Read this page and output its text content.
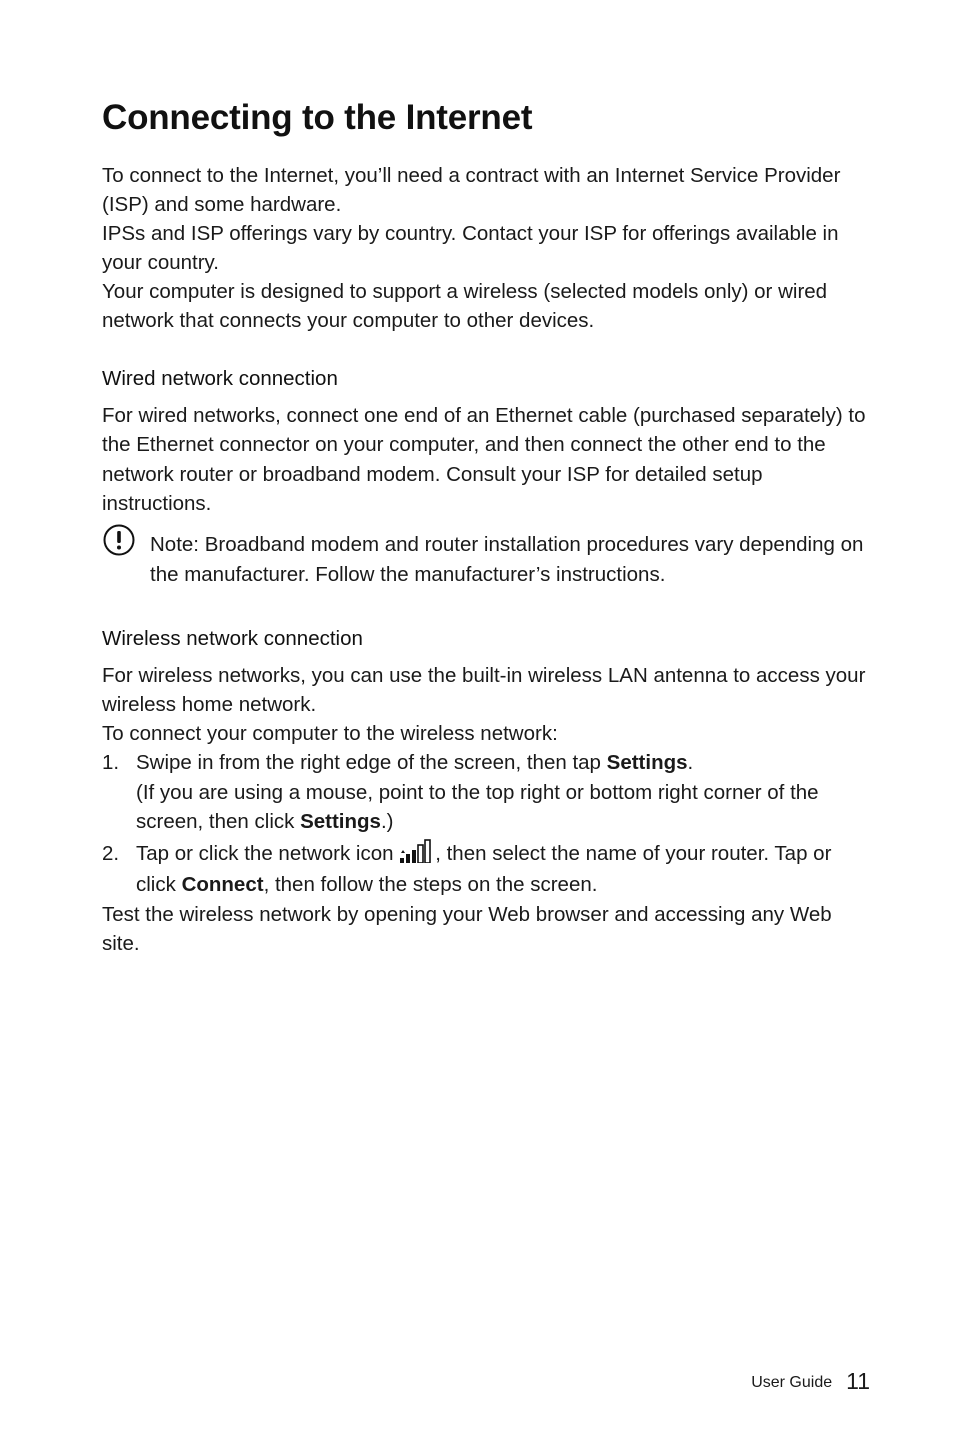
Connecting to the Internet

To connect to the Internet, you’ll need a contract with an Internet Service Provider (ISP) and some hardware.

IPSs and ISP offerings vary by country. Contact your ISP for offerings available in your country.

Your computer is designed to support a wireless (selected models only) or wired network that connects your computer to other devices.

Wired network connection

For wired networks, connect one end of an Ethernet cable (purchased separately) to the Ethernet connector on your computer, and then connect the other end to the network router or broadband modem. Consult your ISP for detailed setup instructions.

Note: Broadband modem and router installation procedures vary depending on the manufacturer. Follow the manufacturer’s instructions.

Wireless network connection

For wireless networks, you can use the built-in wireless LAN antenna to access your wireless home network.

To connect your computer to the wireless network:

1. Swipe in from the right edge of the screen, then tap Settings.
(If you are using a mouse, point to the top right or bottom right corner of the screen, then click Settings.)
2. Tap or click the network icon , then select the name of your router. Tap or click Connect, then follow the steps on the screen.

Test the wireless network by opening your Web browser and accessing any Web site.

User Guide 11
